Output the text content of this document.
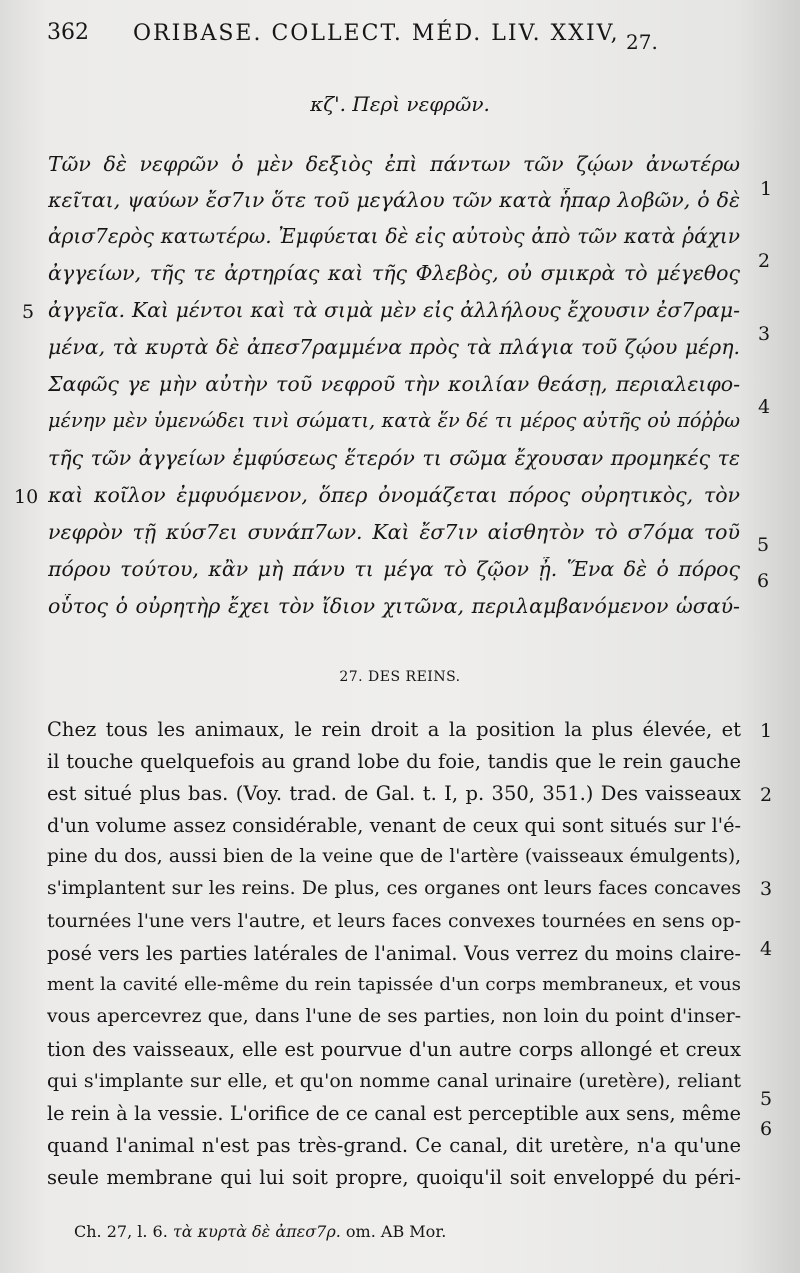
362 ORIBASE. COLLECT. MÉD. LIV. XXIV, 27.
κζ'. Περὶ νεφρῶν.
Τῶν δὲ νεφρῶν ὁ μὲν δεξιὸς ἐπὶ πάντων τῶν ζῴων ἀνωτέρω
κεῖται, ψαύων ἔσ7ιν ὅτε τοῦ μεγάλου τῶν κατὰ ἧπαρ λοβῶν, ὁ δὲ
ἀρισ7ερὸς κατωτέρω. Ἐμφύεται δὲ εἰς αὐτοὺς ἀπὸ τῶν κατὰ ῥάχιν
ἀγγείων, τῆς τε ἀρτηρίας καὶ τῆς Φλεβὸς, οὐ σμικρὰ τὸ μέγεθος
ἀγγεῖα. Καὶ μέντοι καὶ τὰ σιμὰ μὲν εἰς ἀλλήλους ἔχουσιν ἐσ7ραμ-
μένα, τὰ κυρτὰ δὲ ἀπεσ7ραμμένα πρὸς τὰ πλάγια τοῦ ζῴου μέρη.
Σαφῶς γε μὴν αὐτὴν τοῦ νεφροῦ τὴν κοιλίαν θεάσῃ, περιαλειφο-
μένην μὲν ὑμενώδει τινὶ σώματι, κατὰ ἕν δέ τι μέρος αὐτῆς οὐ πόῤῥω
τῆς τῶν ἀγγείων ἐμφύσεως ἕτερόν τι σῶμα ἔχουσαν προμηκές τε
καὶ κοῖλον ἐμφυόμενον, ὅπερ ὀνομάζεται πόρος οὐρητικὸς, τὸν
νεφρὸν τῇ κύσ7ει συνάπ7ων. Καὶ ἔσ7ιν αἰσθητὸν τὸ σ7όμα τοῦ
πόρου τούτου, κἂν μὴ πάνυ τι μέγα τὸ ζῷον ᾖ. Ἕνα δὲ ὁ πόρος
οὗτος ὁ οὐρητὴρ ἔχει τὸν ἴδιον χιτῶνα, περιλαμβανόμενον ὡσαύ-
5
10
1
2
3
4
5
6
27. DES REINS.
Chez tous les animaux, le rein droit a la position la plus élevée, et
il touche quelquefois au grand lobe du foie, tandis que le rein gauche
est situé plus bas. (Voy. trad. de Gal. t. I, p. 350, 351.) Des vaisseaux
d'un volume assez considérable, venant de ceux qui sont situés sur l'é-
pine du dos, aussi bien de la veine que de l'artère (vaisseaux émulgents),
s'implantent sur les reins. De plus, ces organes ont leurs faces concaves
tournées l'une vers l'autre, et leurs faces convexes tournées en sens op-
posé vers les parties latérales de l'animal. Vous verrez du moins claire-
ment la cavité elle-même du rein tapissée d'un corps membraneux, et vous
vous apercevrez que, dans l'une de ses parties, non loin du point d'inser-
tion des vaisseaux, elle est pourvue d'un autre corps allongé et creux
qui s'implante sur elle, et qu'on nomme canal urinaire (uretère), reliant
le rein à la vessie. L'orifice de ce canal est perceptible aux sens, même
quand l'animal n'est pas très-grand. Ce canal, dit uretère, n'a qu'une
seule membrane qui lui soit propre, quoiqu'il soit enveloppé du péri-
1
2
3
4
5
6
Ch. 27, l. 6. τὰ κυρτὰ δὲ ἀπεσ7ρ. om. AB Mor.
